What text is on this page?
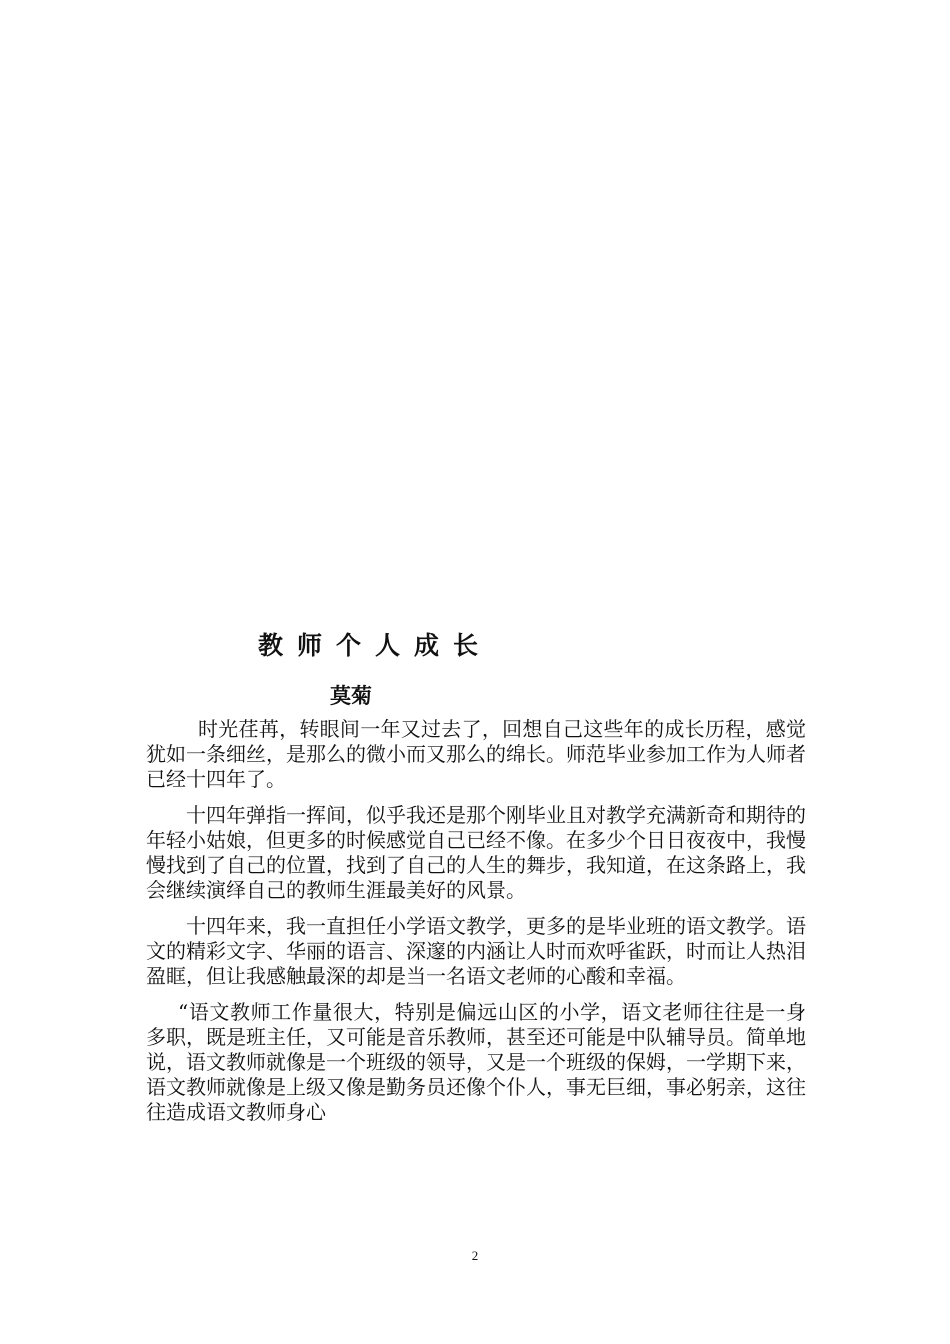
教师个人成长
莫菊

时光荏苒，转眼间一年又过去了，回想自己这些年的成长历程，感觉犹如一条细丝，是那么的微小而又那么的绵长。师范毕业参加工作为人师者已经十四年了。

十四年弹指一挥间，似乎我还是那个刚毕业且对教学充满新奇和期待的年轻小姑娘，但更多的时候感觉自己已经不像。在多少个日日夜夜中，我慢慢找到了自己的位置，找到了自己的人生的舞步，我知道，在这条路上，我会继续演绎自己的教师生涯最美好的风景。

十四年来，我一直担任小学语文教学，更多的是毕业班的语文教学。语文的精彩文字、华丽的语言、深邃的内涵让人时而欢呼雀跃，时而让人热泪盈眶，但让我感触最深的却是当一名语文老师的心酸和幸福。

“语文教师工作量很大，特别是偏远山区的小学，语文老师往往是一身多职，既是班主任，又可能是音乐教师，甚至还可能是中队辅导员。简单地说，语文教师就像是一个班级的领导，又是一个班级的保姆，一学期下来，语文教师就像是上级又像是勤务员还像个仆人，事无巨细，事必躬亲，这往往造成语文教师身心

2
